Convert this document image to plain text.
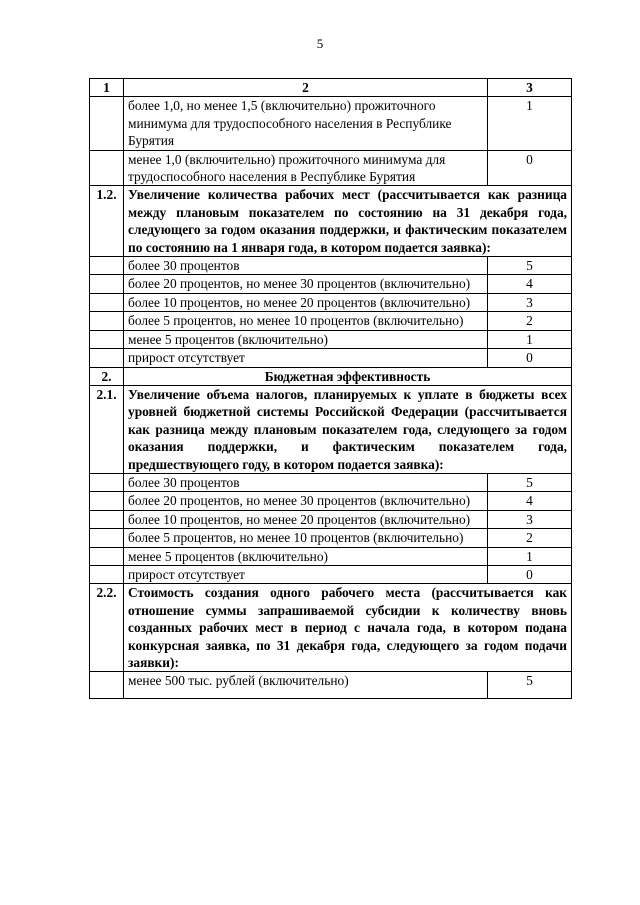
5
1	2	3
	более 1,0, но менее 1,5 (включительно) прожиточного минимума для трудоспособного населения в Республике Бурятия	1
	менее 1,0 (включительно) прожиточного минимума для трудоспособного населения в Республике Бурятия	0
1.2.	Увеличение количества рабочих мест (рассчитывается как разница между плановым показателем по состоянию на 31 декабря года, следующего за годом оказания поддержки, и фактическим показателем по состоянию на 1 января года, в котором подается заявка):	
	более 30 процентов	5
	более 20 процентов, но менее 30 процентов (включительно)	4
	более 10 процентов, но менее 20 процентов (включительно)	3
	более 5 процентов, но менее 10 процентов (включительно)	2
	менее 5 процентов (включительно)	1
	прирост отсутствует	0
2.	Бюджетная эффективность	
2.1.	Увеличение объема налогов, планируемых к уплате в бюджеты всех уровней бюджетной системы Российской Федерации (рассчитывается как разница между плановым показателем года, следующего за годом оказания поддержки, и фактическим показателем года, предшествующего году, в котором подается заявка):	
	более 30 процентов	5
	более 20 процентов, но менее 30 процентов (включительно)	4
	более 10 процентов, но менее 20 процентов (включительно)	3
	более 5 процентов, но менее 10 процентов (включительно)	2
	менее 5 процентов (включительно)	1
	прирост отсутствует	0
2.2.	Стоимость создания одного рабочего места (рассчитывается как отношение суммы запрашиваемой субсидии к количеству вновь созданных рабочих мест в период с начала года, в котором подана конкурсная заявка, по 31 декабря года, следующего за годом подачи заявки):	
	менее 500 тыс. рублей (включительно)	5
